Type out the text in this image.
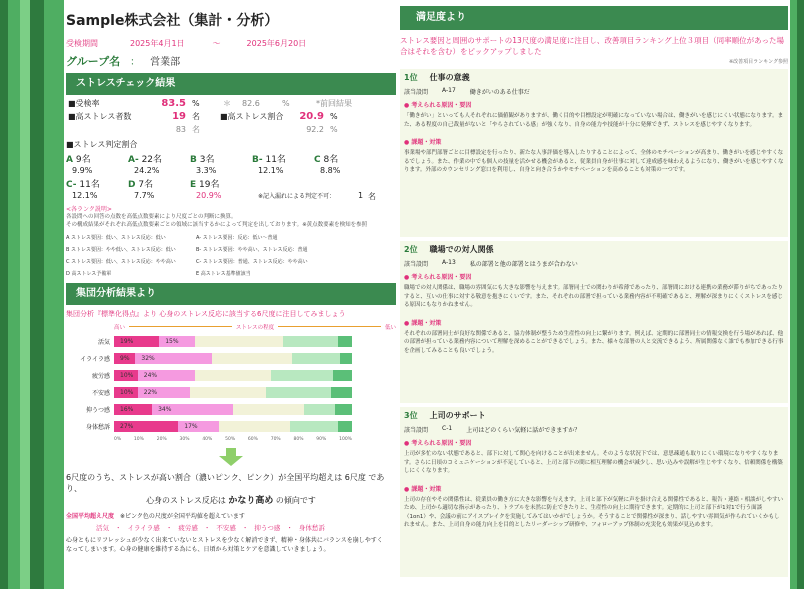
Sample株式会社（集計・分析）
受検期間	2025年4月1日	～	2025年6月20日
グループ名 ： 営業部
ストレスチェック結果
■受検率	83.5 %	＊	82.6	%	*前回結果
■高ストレス者数	19 名	■高ストレス割合	20.9 %
83 名	92.2 %
■ストレス判定割合
A 9名	A- 22名	B 3名	B- 11名	C 8名
9.9%	24.2%	3.3%	12.1%	8.8%
C- 11名	D 7名	E 19名
12.1%	7.7%	20.9%	※記入漏れによる判定不可：	1 名
<各ランク説明>
各設問への回答の点数を高低点数要素により尺度ごとの判断に換算。
その構成結果がそれぞれ高低点数要素ごとの領域に該当するかによって判定を出しております。※黄点数要素を検知を参照
A ストレス要因：低い、ストレス反応：低い	A- ストレス要因：反応：低い～普通
B ストレス要因：やや低い、ストレス反応：低い	B- ストレス要因：やや高い、ストレス反応：普通
C ストレス要因：低い、ストレス反応：やや高い	C- ストレス要因：普通、ストレス反応：やや高い
D 高ストレス予備軍	E 高ストレス基準値該当
集団分析結果より
集団分析『標準化得点』より 心身のストレス反応に該当する6尺度に注目してみましょう
高い	ストレスの程度	低い
活気	19%	15%
イライラ感	9%	32%
疲労感	10%	24%
不安感	10%	22%
抑うつ感	16%	34%
身体愁訴	27%	17%
0%	10%	20%	30%	40%	50%	60%	70%	80%	90%	100%
6尺度のうち、ストレスが高い割合（濃いピンク、ピンク）が全国平均超えは 6尺度 であり、
心身のストレス反応は かなり高め の傾向です
全国平均超え尺度 ※ピンク色の尺度が全国平均値を超えています
活気 ・ イライラ感 ・ 疲労感 ・ 不安感 ・ 抑うつ感 ・ 身体愁訴
心身ともにリフレッシュが少なく出来ていないとストレスを少なく解消できず、精神・身体共にバランスを崩しやすく
なってしまいます。心身の健康を維持する為にも、日頃から対策とケアを意識していきましょう。
満足度より
ストレス要因と周囲のサポートの13尺度の満足度に注目し、改善項目ランキング上位３項目（同率順位があった場合はそれを含む）をピックアップしました
※改善項目ランキング参照
1位 仕事の意義
該当設問 A-17 働きがいのある仕事だ
● 考えられる原因・要因
「働きがい」といっても人それぞれに価値観がありますが、働く目的や目標設定が明確になっていない場合は、働きがいを感じにくい状態になります。また、ある程度の自己裁量がないと「やらされている感」が強くなり、自身の能力や技能が十分に発揮できず、ストレスを感じやすくなります。
● 課題・対策
事業場や部門部署ごとに目標設定を行ったり、新たな人事評価を導入したりすることによって、全体のモチベーションが高まり、働きがいを感じやすくなるでしょう。また、作業の中でも個人の技量を活かせる機会があると、従業員自身が仕事に対して達成感を味わえるようになり、働きがいを感じやすくなります。外部のカウンセリング窓口を利用し、自身と向き合うかやモチベーションを高めることも対策の一つです。
2位 職場での対人関係
該当設問 A-13 私の部署と他の部署とはうまが合わない
● 考えられる原因・要因
職場での対人関係は、職場の雰囲気にも大きな影響を与えます。部署同士での関わりが希薄であったり、部署間における連携の業務が滞りがちであったりすると、互いの仕事に対する敬意を抱きにくいです。また、それぞれの部署で担っている業務内容が不明確であると、理解が深まりにくくストレスを感じる原因にもなりかねません。
● 課題・対策
それぞれの部署同士が良好な関係であると、協力体制が整うため生産性の向上に繋がります。例えば、定期的に部署同士の情報交換を行う場があれば、他の部署が担っている業務内容について理解を深めることができるでしょう。また、様々な部署の人と交流できるよう、所属関係なく誰でも参加できる行事を企画してみることも良いでしょう。
3位 上司のサポート
該当設問 C-1 上司はどのくらい気軽に話ができますか？
● 考えられる原因・要因
上司が多忙のない状態であると、部下に対して関心を向けることが出来ません。そのような状況下では、意思疎通も取りにくい環境になりやすくなります。さらに日頃のコミュニケーションが不足していると、上司と部下の間に相互理解の機会が減少し、思い込みや誤解が生じやすくなり、信頼関係を構築しにくくなります。
● 課題・対策
上司の存在やその関係性は、従業員の働き方に大きな影響を与えます。上司と部下が気軽に声を掛け合える関係性であると、報告・連絡・相談がしやすいため、上司から適切な指示があったり、トラブルを未然に防止できたりと、生産性の向上に期待できます。定期的に上司と部下が1対1で行う面談（1on1）や、会議の前にアイスブレイクを実施してみてはいかがでしょうか。そうすることで関係性が深まり、話しやすい雰囲気が作られていくかもしれません。また、上司自身の能力向上を目的としたリーダーシップ研修や、フォローアップ体制の充実化も効果が見込めます。
